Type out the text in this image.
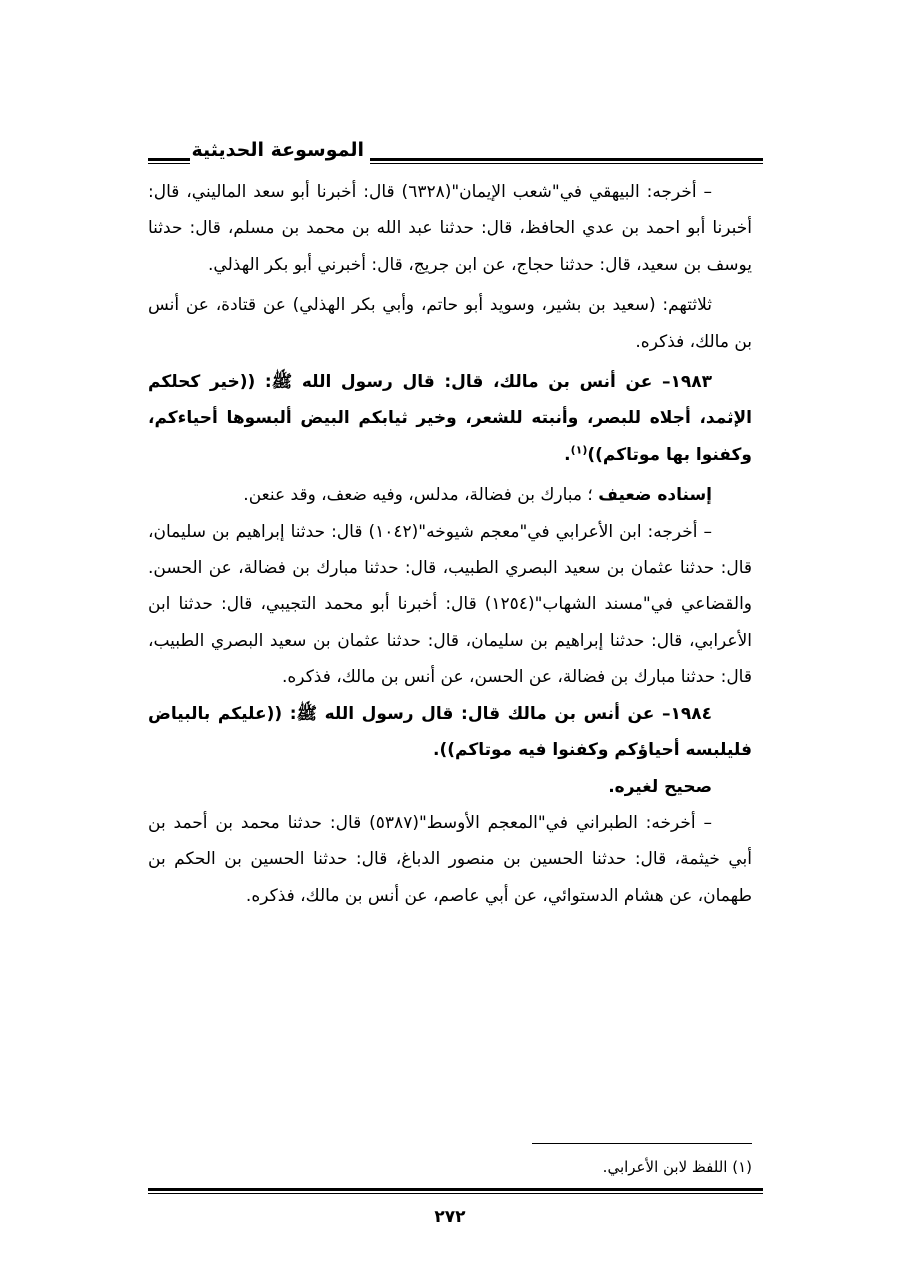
الموسوعة الحديثية

– أخرجه: البيهقي في"شعب الإيمان"(٦٣٢٨) قال: أخبرنا أبو سعد الماليني، قال: أخبرنا أبو احمد بن عدي الحافظ، قال: حدثنا عبد الله بن محمد بن مسلم، قال: حدثنا يوسف بن سعيد، قال: حدثنا حجاج، عن ابن جريج، قال: أخبرني أبو بكر الهذلي.

ثلاثتهم: (سعيد بن بشير، وسويد أبو حاتم، وأبي بكر الهذلي) عن قتادة، عن أنس بن مالك، فذكره.

١٩٨٣– عن أنس بن مالك، قال: قال رسول الله ﷺ: ((خير كحلكم الإثمد، أجلاه للبصر، وأنبته للشعر، وخير ثيابكم البيض ألبسوها أحياءكم، وكفنوا بها موتاكم))$^{(١)}$.

إسناده ضعيف ؛ مبارك بن فضالة، مدلس، وفيه ضعف، وقد عنعن.

– أخرجه: ابن الأعرابي في"معجم شيوخه"(١٠٤٢) قال: حدثنا إبراهيم بن سليمان، قال: حدثنا عثمان بن سعيد البصري الطبيب، قال: حدثنا مبارك بن فضالة، عن الحسن. والقضاعي في"مسند الشهاب"(١٢٥٤) قال: أخبرنا أبو محمد التجيبي، قال: حدثنا ابن الأعرابي، قال: حدثنا إبراهيم بن سليمان، قال: حدثنا عثمان بن سعيد البصري الطبيب، قال: حدثنا مبارك بن فضالة، عن الحسن، عن أنس بن مالك، فذكره.

١٩٨٤– عن أنس بن مالك قال: قال رسول الله ﷺ: ((عليكم بالبياض فليلبسه أحياؤكم وكفنوا فيه موتاكم)).

صحيح لغيره.

– أخرخه: الطبراني في"المعجم الأوسط"(٥٣٨٧) قال: حدثنا محمد بن أحمد بن أبي خيثمة، قال: حدثنا الحسين بن منصور الدباغ، قال: حدثنا الحسين بن الحكم بن طهمان، عن هشام الدستوائي، عن أبي عاصم، عن أنس بن مالك، فذكره.

(١) اللفظ لابن الأعرابي.
٢٧٢
